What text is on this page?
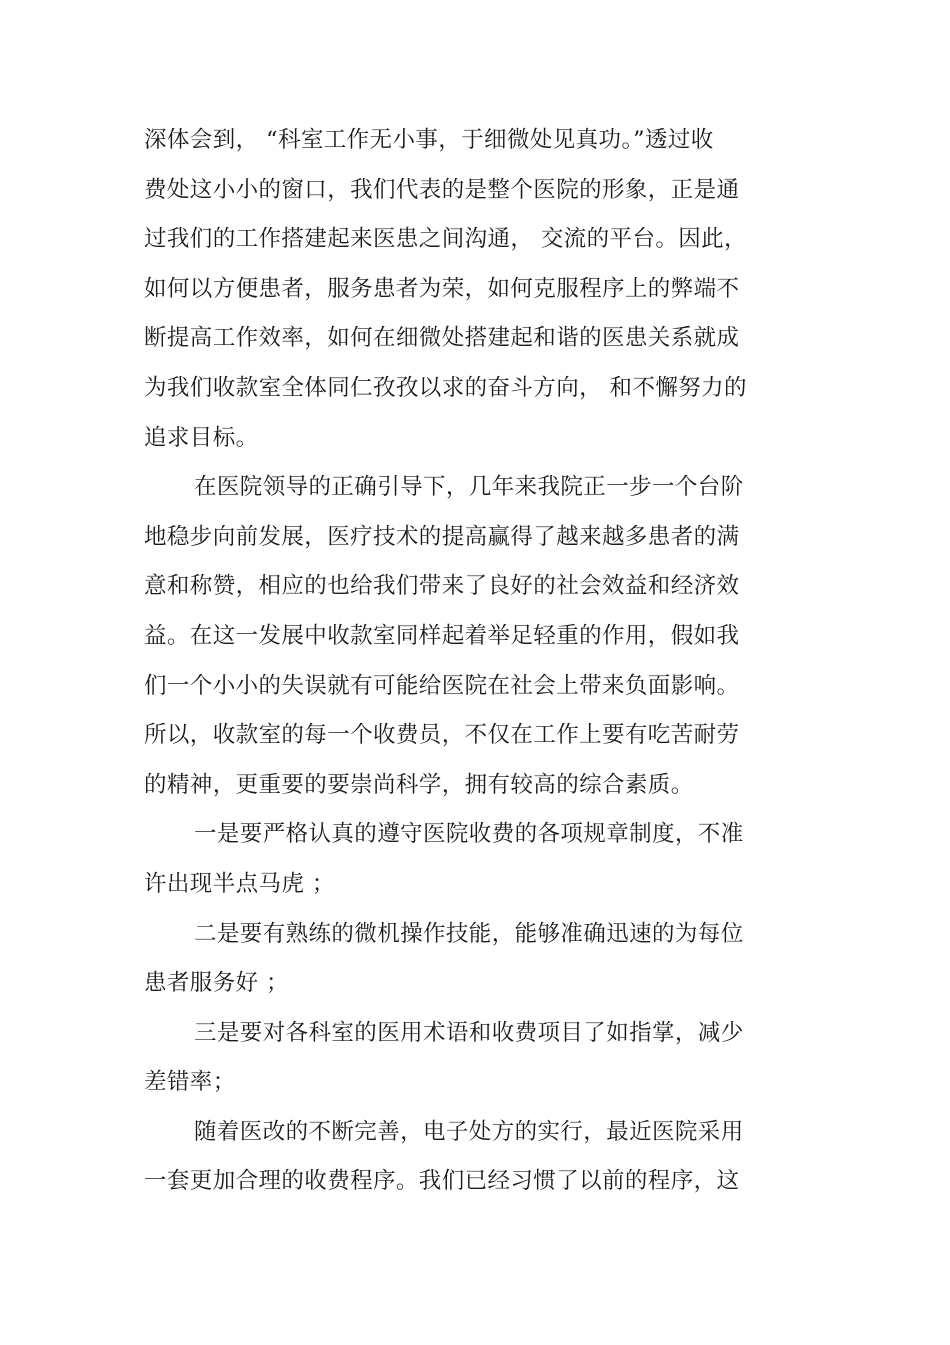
深体会到， “科室工作无小事，于细微处见真功。”透过收
费处这小小的窗口，我们代表的是整个医院的形象，正是通
过我们的工作搭建起来医患之间沟通， 交流的平台。因此，
如何以方便患者，服务患者为荣，如何克服程序上的弊端不
断提高工作效率，如何在细微处搭建起和谐的医患关系就成
为我们收款室全体同仁孜孜以求的奋斗方向， 和不懈努力的
追求目标。
在医院领导的正确引导下，几年来我院正一步一个台阶
地稳步向前发展，医疗技术的提高赢得了越来越多患者的满
意和称赞，相应的也给我们带来了良好的社会效益和经济效
益。在这一发展中收款室同样起着举足轻重的作用，假如我
们一个小小的失误就有可能给医院在社会上带来负面影响。
所以，收款室的每一个收费员，不仅在工作上要有吃苦耐劳
的精神，更重要的要崇尚科学，拥有较高的综合素质。
一是要严格认真的遵守医院收费的各项规章制度，不准
许出现半点马虎 ；
二是要有熟练的微机操作技能，能够准确迅速的为每位
患者服务好 ；
三是要对各科室的医用术语和收费项目了如指掌，减少
差错率；
随着医改的不断完善，电子处方的实行，最近医院采用
一套更加合理的收费程序。我们已经习惯了以前的程序，这
